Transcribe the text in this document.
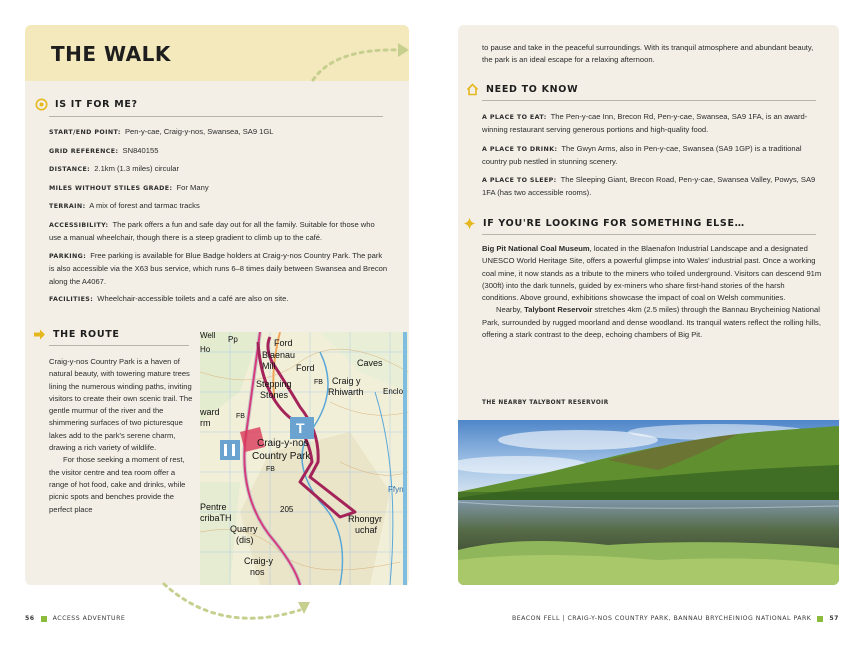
THE WALK
IS IT FOR ME?
START/END POINT: Pen-y-cae, Craig-y-nos, Swansea, SA9 1GL
GRID REFERENCE: SN840155
DISTANCE: 2.1km (1.3 miles) circular
MILES WITHOUT STILES GRADE: For Many
TERRAIN: A mix of forest and tarmac tracks
ACCESSIBILITY: The park offers a fun and safe day out for all the family. Suitable for those who use a manual wheelchair, though there is a steep gradient to climb up to the café.
PARKING: Free parking is available for Blue Badge holders at Craig-y-nos Country Park. The park is also accessible via the X63 bus service, which runs 6–8 times daily between Swansea and Brecon along the A4067.
FACILITIES: Wheelchair-accessible toilets and a café are also on site.
THE ROUTE

Craig-y-nos Country Park is a haven of natural beauty, with towering mature trees lining the numerous winding paths, inviting visitors to create their own scenic trail. The gentle murmur of the river and the shimmering surfaces of two picturesque lakes add to the park's serene charm, drawing a rich variety of wildlife.

For those seeking a moment of rest, the visitor centre and tea room offer a range of hot food, cake and drinks, while picnic spots and benches provide the perfect place

T
Ford
Blaenau
Mill Ford	Caves
Stepping
Stones
FB Craig y
Rhiwarth Enclo
ward
rm
FB
Craig-y-nos
Country Park
FB
Ffyn
Pentre
cribaTH
205
Rhongyr
uchaf
Quarry
(dis)
Craig-y
nos
Ho
Pp
Well
to pause and take in the peaceful surroundings. With its tranquil atmosphere and abundant beauty, the park is an ideal escape for a relaxing afternoon.
NEED TO KNOW
A PLACE TO EAT: The Pen-y-cae Inn, Brecon Rd, Pen-y-cae, Swansea, SA9 1FA, is an award-winning restaurant serving generous portions and high-quality food.
A PLACE TO DRINK: The Gwyn Arms, also in Pen-y-cae, Swansea (SA9 1GP) is a traditional country pub nestled in stunning scenery.
A PLACE TO SLEEP: The Sleeping Giant, Brecon Road, Pen-y-cae, Swansea Valley, Powys, SA9 1FA (has two accessible rooms).
IF YOU'RE LOOKING FOR SOMETHING ELSE…

Big Pit National Coal Museum, located in the Blaenafon Industrial Landscape and a designated UNESCO World Heritage Site, offers a powerful glimpse into Wales' industrial past. Once a working coal mine, it now stands as a tribute to the miners who toiled underground. Visitors can descend 91m (300ft) into the dark tunnels, guided by ex-miners who share first-hand stories of the harsh conditions. Above ground, exhibitions showcase the impact of coal on Welsh communities.

Nearby, Talybont Reservoir stretches 4km (2.5 miles) through the Bannau Brycheiniog National Park, surrounded by rugged moorland and dense woodland. Its tranquil waters reflect the rolling hills, offering a stark contrast to the deep, echoing chambers of Big Pit.

THE NEARBY TALYBONT RESERVOIR
56	ACCESS ADVENTURE	BEACON FELL | CRAIG-Y-NOS COUNTRY PARK, BANNAU BRYCHEINIOG NATIONAL PARK	57
